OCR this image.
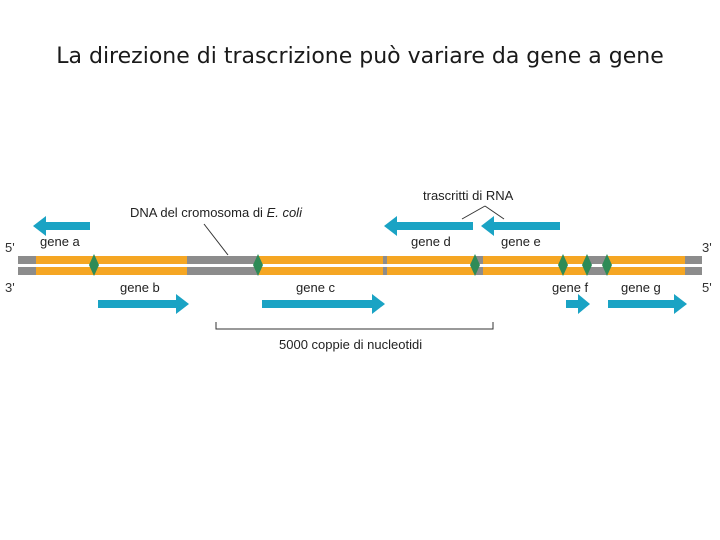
La direzione di trascrizione può variare da gene a gene
5'	3'
3'	5'
gene a
gene b	gene c
gene d	gene e
gene f	gene g
DNA del cromosoma di E. coli
trascritti di RNA
5000 coppie di nucleotidi
